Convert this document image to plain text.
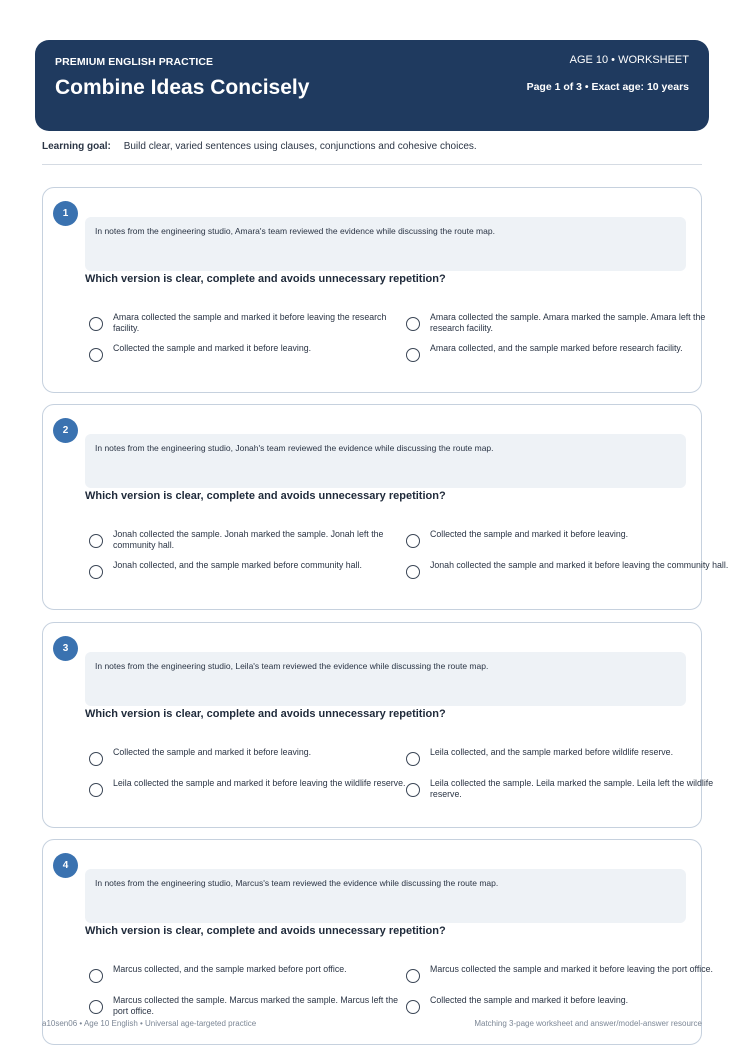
PREMIUM ENGLISH PRACTICE
Combine Ideas Concisely
AGE 10 • WORKSHEET
Page 1 of 3 • Exact age: 10 years
Learning goal: Build clear, varied sentences using clauses, conjunctions and cohesive choices.
1
In notes from the engineering studio, Amara's team reviewed the evidence while discussing the route map.
Which version is clear, complete and avoids unnecessary repetition?
Amara collected the sample and marked it before leaving the research facility.
Amara collected the sample. Amara marked the sample. Amara left the research facility.
Collected the sample and marked it before leaving.	Amara collected, and the sample marked before research facility.
2
In notes from the engineering studio, Jonah's team reviewed the evidence while discussing the route map.
Which version is clear, complete and avoids unnecessary repetition?
Jonah collected the sample. Jonah marked the sample. Jonah left the community hall.
Collected the sample and marked it before leaving.
Jonah collected, and the sample marked before community hall.	Jonah collected the sample and marked it before leaving the community hall.
3
In notes from the engineering studio, Leila's team reviewed the evidence while discussing the route map.
Which version is clear, complete and avoids unnecessary repetition?
Collected the sample and marked it before leaving.	Leila collected, and the sample marked before wildlife reserve.
Leila collected the sample and marked it before leaving the wildlife reserve.	Leila collected the sample. Leila marked the sample. Leila left the wildlife reserve.
4
In notes from the engineering studio, Marcus's team reviewed the evidence while discussing the route map.
Which version is clear, complete and avoids unnecessary repetition?
Marcus collected, and the sample marked before port office.	Marcus collected the sample and marked it before leaving the port office.
Marcus collected the sample. Marcus marked the sample. Marcus left the port office.
Collected the sample and marked it before leaving.
a10sen06 • Age 10 English • Universal age-targeted practice	Matching 3-page worksheet and answer/model-answer resource
